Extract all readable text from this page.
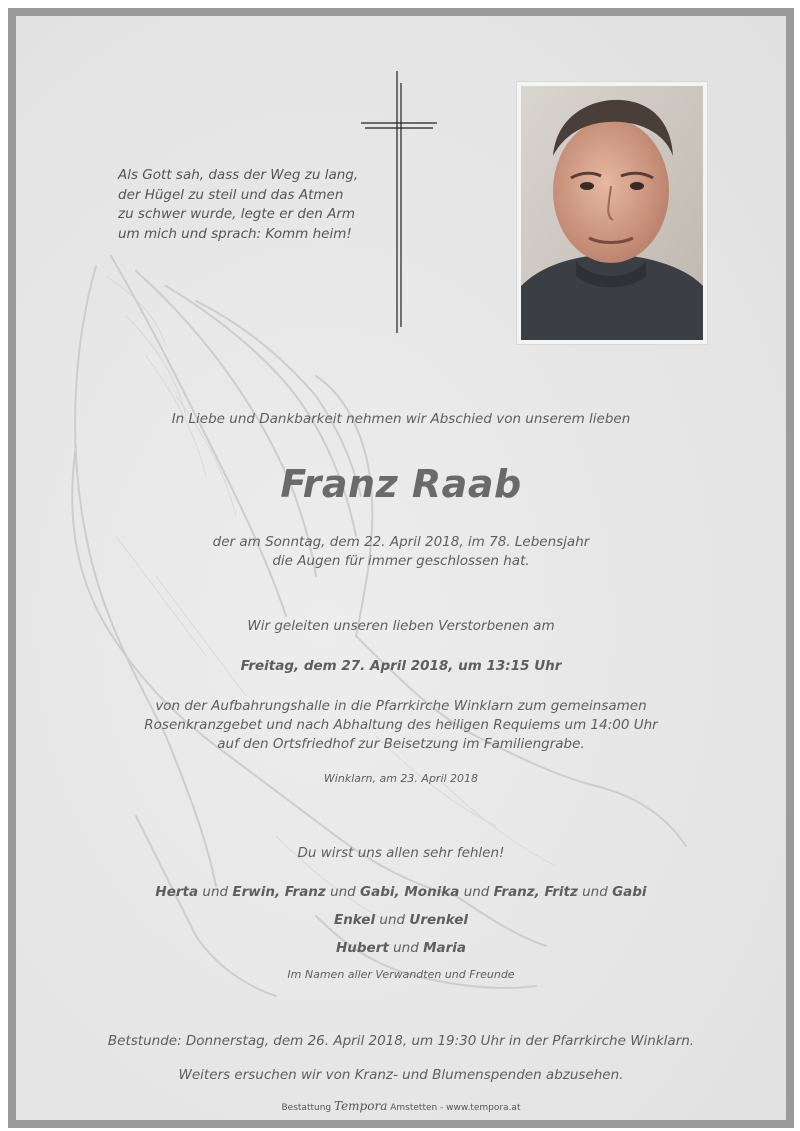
Als Gott sah, dass der Weg zu lang,
der Hügel zu steil und das Atmen
zu schwer wurde, legte er den Arm
um mich und sprach: Komm heim!
In Liebe und Dankbarkeit nehmen wir Abschied von unserem lieben
Franz Raab
der am Sonntag, dem 22. April 2018, im 78. Lebensjahr
die Augen für immer geschlossen hat.
Wir geleiten unseren lieben Verstorbenen am
Freitag, dem 27. April 2018, um 13:15 Uhr
von der Aufbahrungshalle in die Pfarrkirche Winklarn zum gemeinsamen
Rosenkranzgebet und nach Abhaltung des heiligen Requiems um 14:00 Uhr
auf den Ortsfriedhof zur Beisetzung im Familiengrabe.
Winklarn, am 23. April 2018
Du wirst uns allen sehr fehlen!
Herta und Erwin, Franz und Gabi, Monika und Franz, Fritz und Gabi
Enkel und Urenkel
Hubert und Maria
Im Namen aller Verwandten und Freunde
Betstunde: Donnerstag, dem 26. April 2018, um 19:30 Uhr in der Pfarrkirche Winklarn.
Weiters ersuchen wir von Kranz- und Blumenspenden abzusehen.
Bestattung Tempora Amstetten - www.tempora.at
